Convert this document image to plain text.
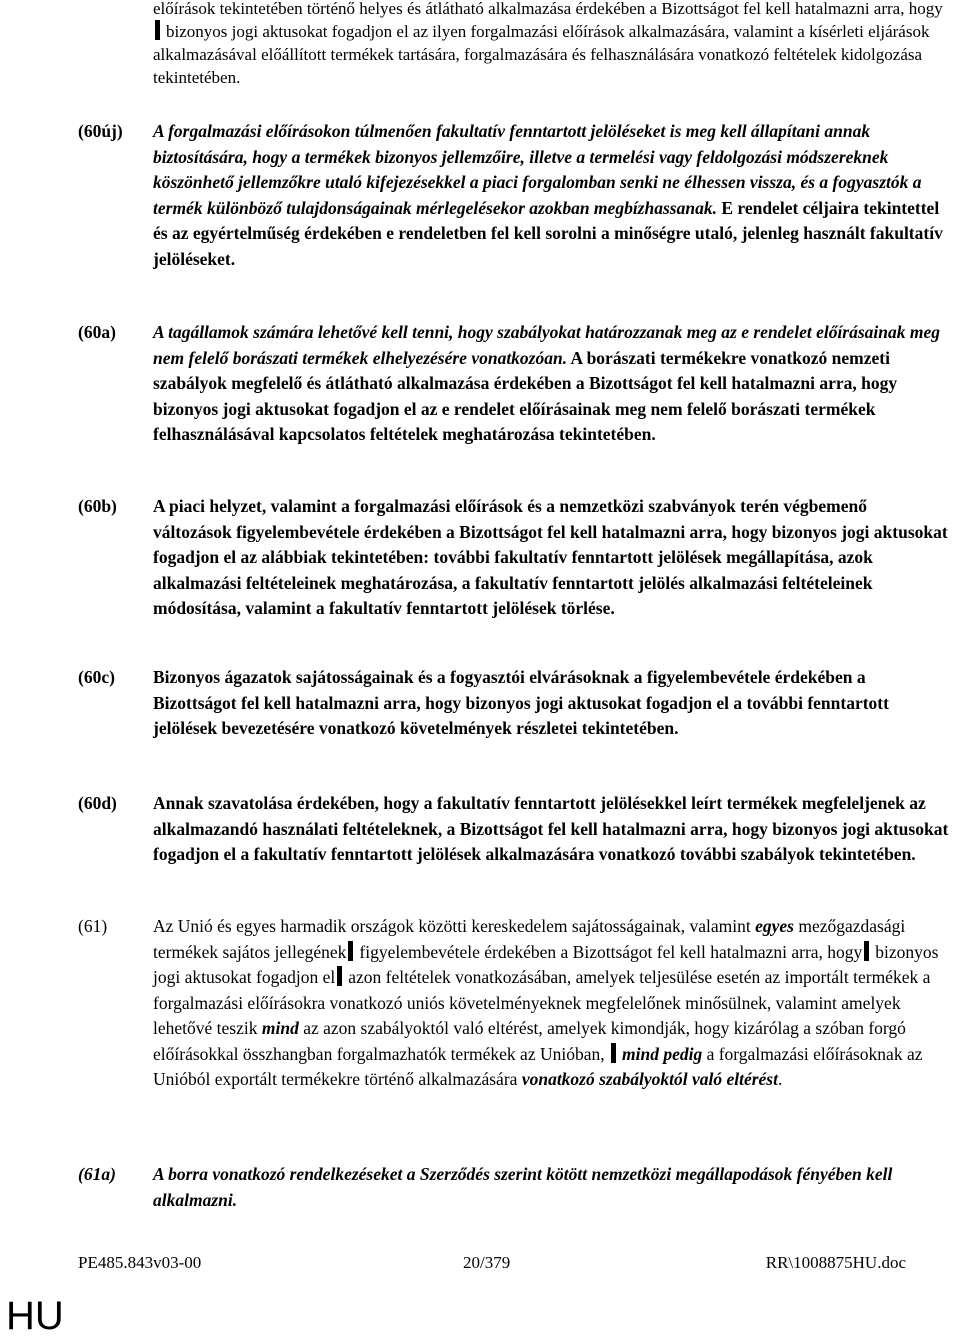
előírások tekintetében történő helyes és átlátható alkalmazása érdekében a Bizottságot fel kell hatalmazni arra, hogybizonyos jogi aktusokat fogadjon el az ilyen forgalmazási előírások alkalmazására, valamint a kísérleti eljárások alkalmazásával előállított termékek tartására, forgalmazására és felhasználására vonatkozó feltételek kidolgozása tekintetében.
(60új) A forgalmazási előírásokon túlmenően fakultatív fenntartott jelöléseket is meg kell állapítani annak biztosítására, hogy a termékek bizonyos jellemzőire, illetve a termelési vagy feldolgozási módszereknek köszönhető jellemzőkre utaló kifejezésekkel a piaci forgalomban senki ne élhessen vissza, és a fogyasztók a termék különböző tulajdonságainak mérlegelésekor azokban megbízhassanak. E rendelet céljaira tekintettel és az egyértelműség érdekében e rendeletben fel kell sorolni a minőségre utaló, jelenleg használt fakultatív jelöléseket.
(60a) A tagállamok számára lehetővé kell tenni, hogy szabályokat határozzanak meg az e rendelet előírásainak meg nem felelő borászati termékek elhelyezésére vonatkozóan. A borászati termékekre vonatkozó nemzeti szabályok megfelelő és átlátható alkalmazása érdekében a Bizottságot fel kell hatalmazni arra, hogy bizonyos jogi aktusokat fogadjon el az e rendelet előírásainak meg nem felelő borászati termékek felhasználásával kapcsolatos feltételek meghatározása tekintetében.
(60b) A piaci helyzet, valamint a forgalmazási előírások és a nemzetközi szabványok terén végbemenő változások figyelembevétele érdekében a Bizottságot fel kell hatalmazni arra, hogy bizonyos jogi aktusokat fogadjon el az alábbiak tekintetében: további fakultatív fenntartott jelölések megállapítása, azok alkalmazási feltételeinek meghatározása, a fakultatív fenntartott jelölés alkalmazási feltételeinek módosítása, valamint a fakultatív fenntartott jelölések törlése.
(60c) Bizonyos ágazatok sajátosságainak és a fogyasztói elvárásoknak a figyelembevétele érdekében a Bizottságot fel kell hatalmazni arra, hogy bizonyos jogi aktusokat fogadjon el a további fenntartott jelölések bevezetésére vonatkozó követelmények részletei tekintetében.
(60d) Annak szavatolása érdekében, hogy a fakultatív fenntartott jelölésekkel leírt termékek megfeleljenek az alkalmazandó használati feltételeknek, a Bizottságot fel kell hatalmazni arra, hogy bizonyos jogi aktusokat fogadjon el a fakultatív fenntartott jelölések alkalmazására vonatkozó további szabályok tekintetében.
(61)	Az Unió és egyes harmadik országok közötti kereskedelem sajátosságainak, valamint egyes mezőgazdasági termékek sajátos jellegének figyelembevétele érdekében a Bizottságot fel kell hatalmazni arra, hogy bizonyos jogi aktusokat fogadjon el azon feltételek vonatkozásában, amelyek teljesülése esetén az importált termékek a forgalmazási előírásokra vonatkozó uniós követelményeknek megfelelőnek minősülnek, valamint amelyek lehetővé teszik mind az azon szabályoktól való eltérést, amelyek kimondják, hogy kizárólag a szóban forgó előírásokkal összhangban forgalmazhatók termékek az Unióban, mind pedig a forgalmazási előírásoknak az Unióból exportált termékekre történő alkalmazására vonatkozó szabályoktól való eltérést.
(61a) A borra vonatkozó rendelkezéseket a Szerződés szerint kötött nemzetközi megállapodások fényében kell alkalmazni.
PE485.843v03-00	20/379	RR\1008875HU.doc
HU
